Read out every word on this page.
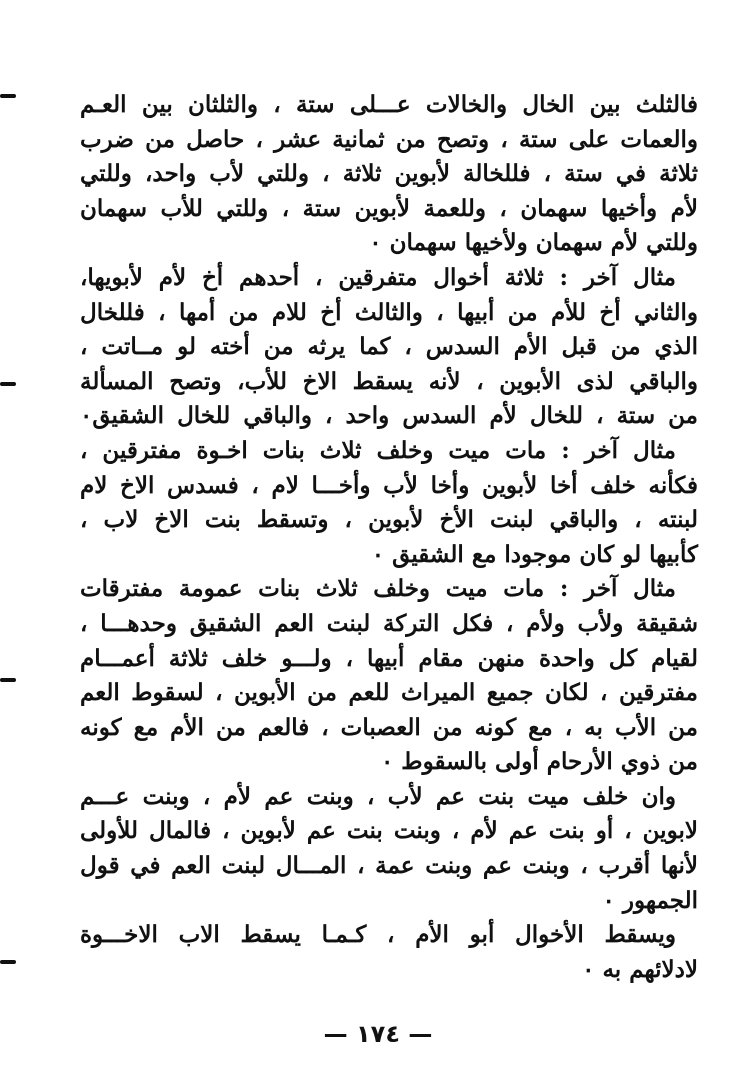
فالثلث بين الخال والخالات عـــلى ستة ، والثلثان بين العـم
والعمات على ستة ، وتصح من ثمانية عشر ، حاصل من ضرب
ثلاثة في ستة ، فللخالة لأبوين ثلاثة ، وللتي لأب واحد، وللتي
لأم وأخيها سهمان ، وللعمة لأبوين ستة ، وللتي للأب سهمان
وللتي لأم سهمان ولأخيها سهمان ٠
مثال آخر : ثلاثة أخوال متفرقين ، أحدهم أخ لأم لأبويها،
والثاني أخ للأم من أبيها ، والثالث أخ للام من أمها ، فللخال
الذي من قبل الأم السدس ، كما يرثه من أخته لو مــاتت ،
والباقي لذى الأبوين ، لأنه يسقط الاخ للأب، وتصح المسألة
من ستة ، للخال لأم السدس واحد ، والباقي للخال الشقيق٠
مثال آخر : مات ميت وخلف ثلاث بنات اخـوة مفترقين ،
فكأنه خلف أخا لأبوين وأخا لأب وأخـــا لام ، فسدس الاخ لام
لبنته ، والباقي لبنت الأخ لأبوين ، وتسقط بنت الاخ لاب ،
كأبيها لو كان موجودا مع الشقيق ٠
مثال آخر : مات ميت وخلف ثلاث بنات عمومة مفترقات
شقيقة ولأب ولأم ، فكل التركة لبنت العم الشقيق وحدهـــا ،
لقيام كل واحدة منهن مقام أبيها ، ولـــو خلف ثلاثة أعمـــام
مفترقين ، لكان جميع الميراث للعم من الأبوين ، لسقوط العم
من الأب به ، مع كونه من العصبات ، فالعم من الأم مع كونه
من ذوي الأرحام أولى بالسقوط ٠
وان خلف ميت بنت عم لأب ، وبنت عم لأم ، وبنت عـــم
لابوين ، أو بنت عم لأم ، وبنت بنت عم لأبوين ، فالمال للأولى
لأنها أقرب ، وبنت عم وبنت عمة ، المـــال لبنت العم في قول
الجمهور ٠
ويسقط الأخوال أبو الأم ، كـمـا يسقط الاب الاخـــوة
لادلائهم به ٠
— ١٧٤ —
